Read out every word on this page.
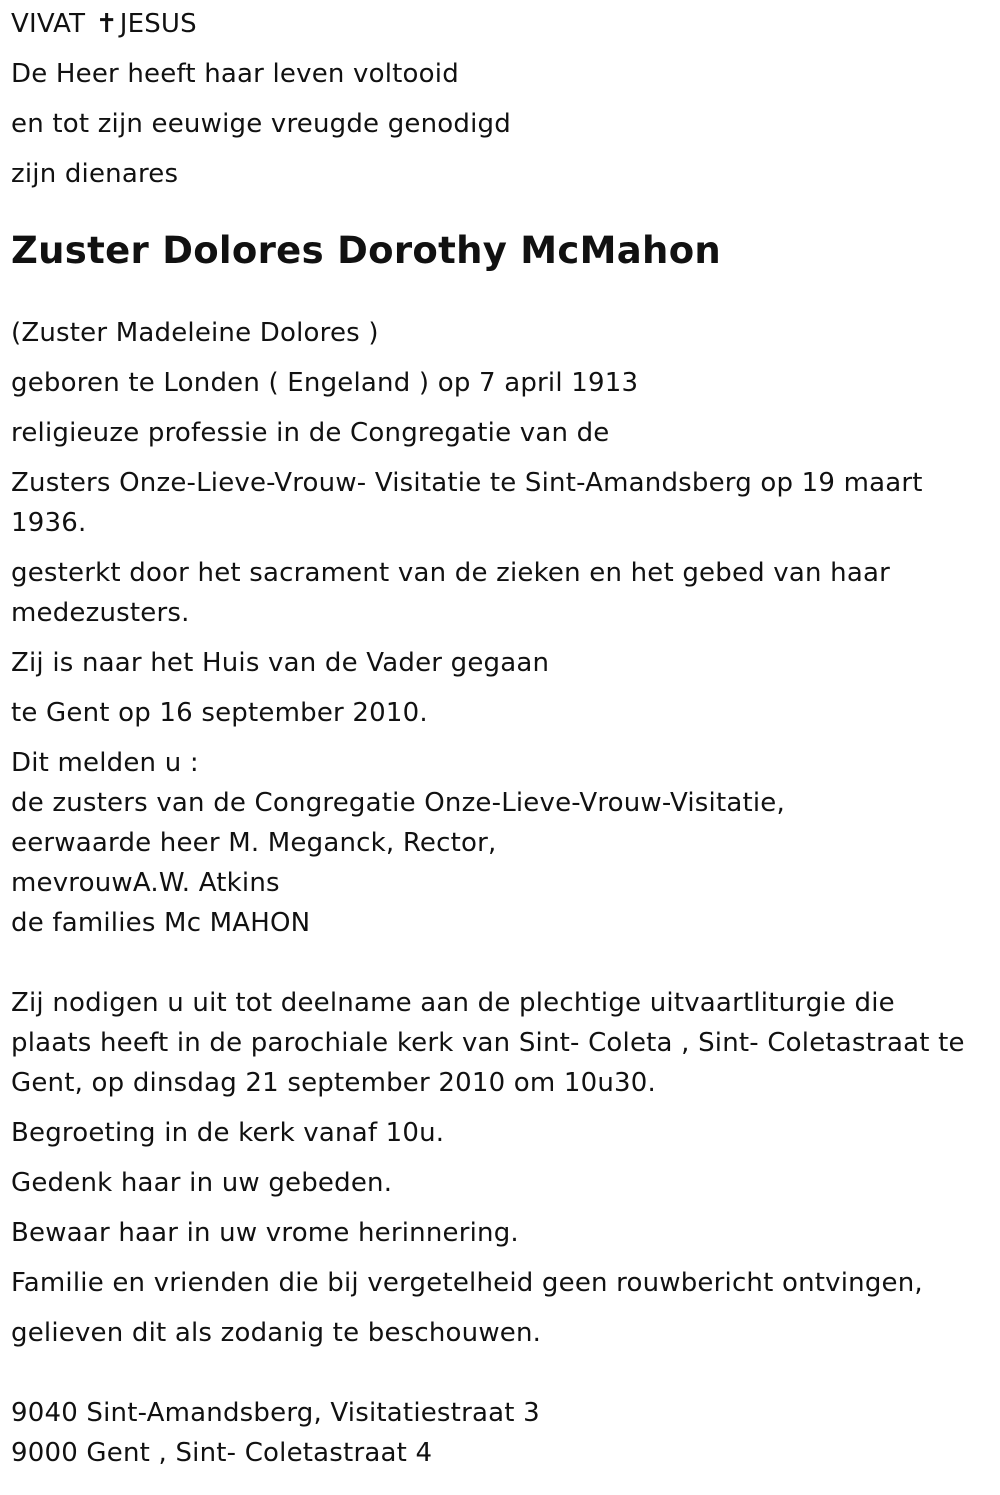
VIVAT ✝JESUS

De Heer heeft haar leven voltooid

en tot zijn eeuwige vreugde genodigd

zijn dienares

Zuster Dolores Dorothy McMahon

(Zuster Madeleine Dolores )

geboren te Londen ( Engeland ) op 7 april 1913

religieuze professie in de Congregatie van de

Zusters Onze-Lieve-Vrouw- Visitatie te Sint-Amandsberg op 19 maart 1936.

gesterkt door het sacrament van de zieken en het gebed van haar medezusters.

Zij is naar het Huis van de Vader gegaan

te Gent op 16 september 2010.

Dit melden u :

de zusters van de Congregatie Onze-Lieve-Vrouw-Visitatie,

eerwaarde heer M. Meganck, Rector,

mevrouwA.W. Atkins

de families Mc MAHON

Zij nodigen u uit tot deelname aan de plechtige uitvaartliturgie die plaats heeft in de parochiale kerk van Sint- Coleta , Sint- Coletastraat te Gent, op dinsdag 21 september 2010 om 10u30.

Begroeting in de kerk vanaf 10u.

Gedenk haar in uw gebeden.

Bewaar haar in uw vrome herinnering.

Familie en vrienden die bij vergetelheid geen rouwbericht ontvingen,

gelieven dit als zodanig te beschouwen.

9040 Sint-Amandsberg, Visitatiestraat 3

9000 Gent , Sint- Coletastraat 4
